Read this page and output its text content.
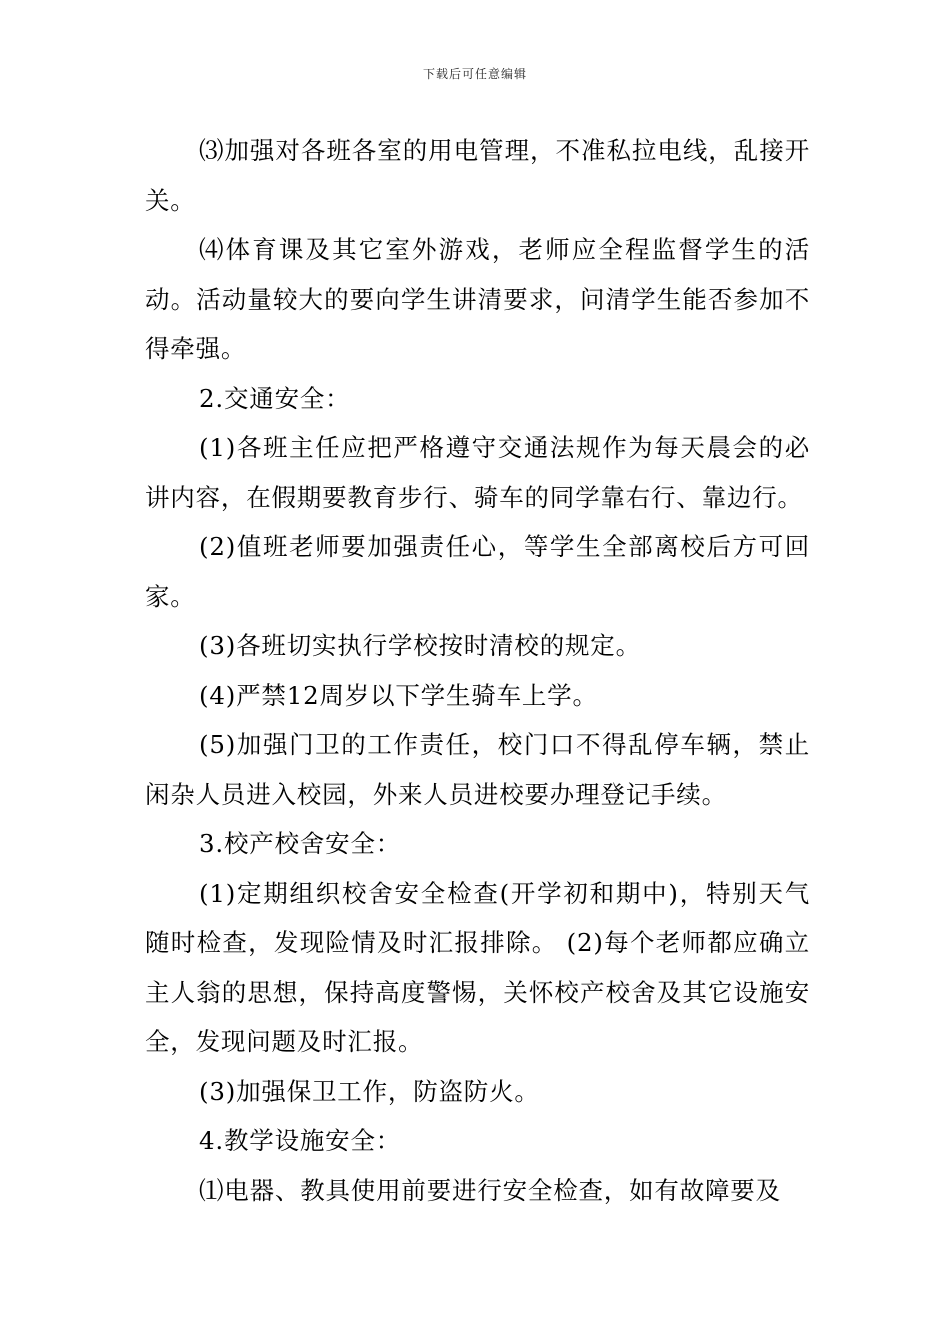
下载后可任意编辑

⑶加强对各班各室的用电管理，不准私拉电线，乱接开关。

⑷体育课及其它室外游戏，老师应全程监督学生的活动。活动量较大的要向学生讲清要求，问清学生能否参加不得牵强。

2.交通安全：

(1)各班主任应把严格遵守交通法规作为每天晨会的必讲内容，在假期要教育步行、骑车的同学靠右行、靠边行。

(2)值班老师要加强责任心，等学生全部离校后方可回家。

(3)各班切实执行学校按时清校的规定。

(4)严禁12周岁以下学生骑车上学。

(5)加强门卫的工作责任，校门口不得乱停车辆，禁止闲杂人员进入校园，外来人员进校要办理登记手续。

3.校产校舍安全：

(1)定期组织校舍安全检查(开学初和期中)，特别天气随时检查，发现险情及时汇报排除。 (2)每个老师都应确立主人翁的思想，保持高度警惕，关怀校产校舍及其它设施安全，发现问题及时汇报。

(3)加强保卫工作，防盗防火。

4.教学设施安全：

⑴电器、教具使用前要进行安全检查，如有故障要及
